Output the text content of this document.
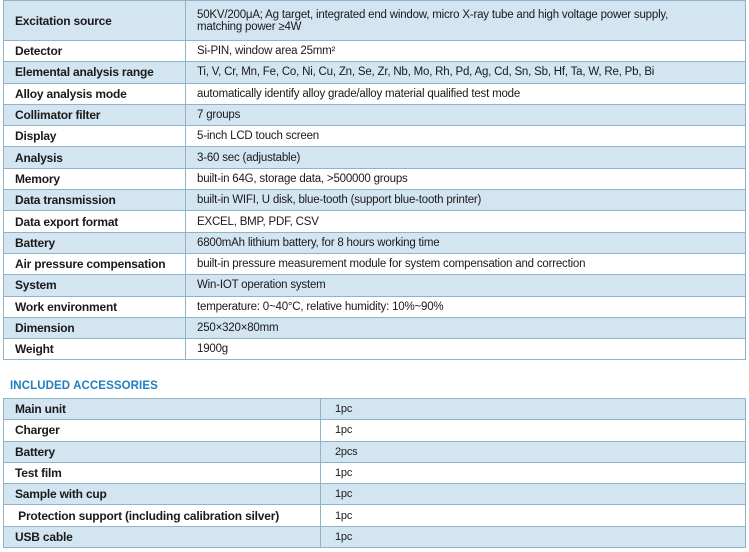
Excitation source	50KV/200μA; Ag target, integrated end window, micro X-ray tube and high voltage power supply, matching power ≥4W

Detector	Si-PIN, window area 25mm²
Elemental analysis range	Ti, V, Cr, Mn, Fe, Co, Ni, Cu, Zn, Se, Zr, Nb, Mo, Rh, Pd, Ag, Cd, Sn, Sb, Hf, Ta, W, Re, Pb, Bi
Alloy analysis mode	automatically identify alloy grade/alloy material qualified test mode
Collimator filter	7 groups
Display	5-inch LCD touch screen
Analysis	3-60 sec (adjustable)
Memory	built-in 64G, storage data, >500000 groups
Data transmission	built-in WIFI, U disk, blue-tooth (support blue-tooth printer)
Data export format	EXCEL, BMP, PDF, CSV
Battery	6800mAh lithium battery, for 8 hours working time
Air pressure compensation	built-in pressure measurement module for system compensation and correction
System	Win-IOT operation system
Work environment	temperature: 0~40°C, relative humidity: 10%~90%
Dimension	250×320×80mm
Weight	1900g
INCLUDED ACCESSORIES
Main unit	1pc
Charger	1pc
Battery	2pcs
Test film	1pc
Sample with cup	1pc
Protection support (including calibration silver)	1pc
USB cable	1pc
